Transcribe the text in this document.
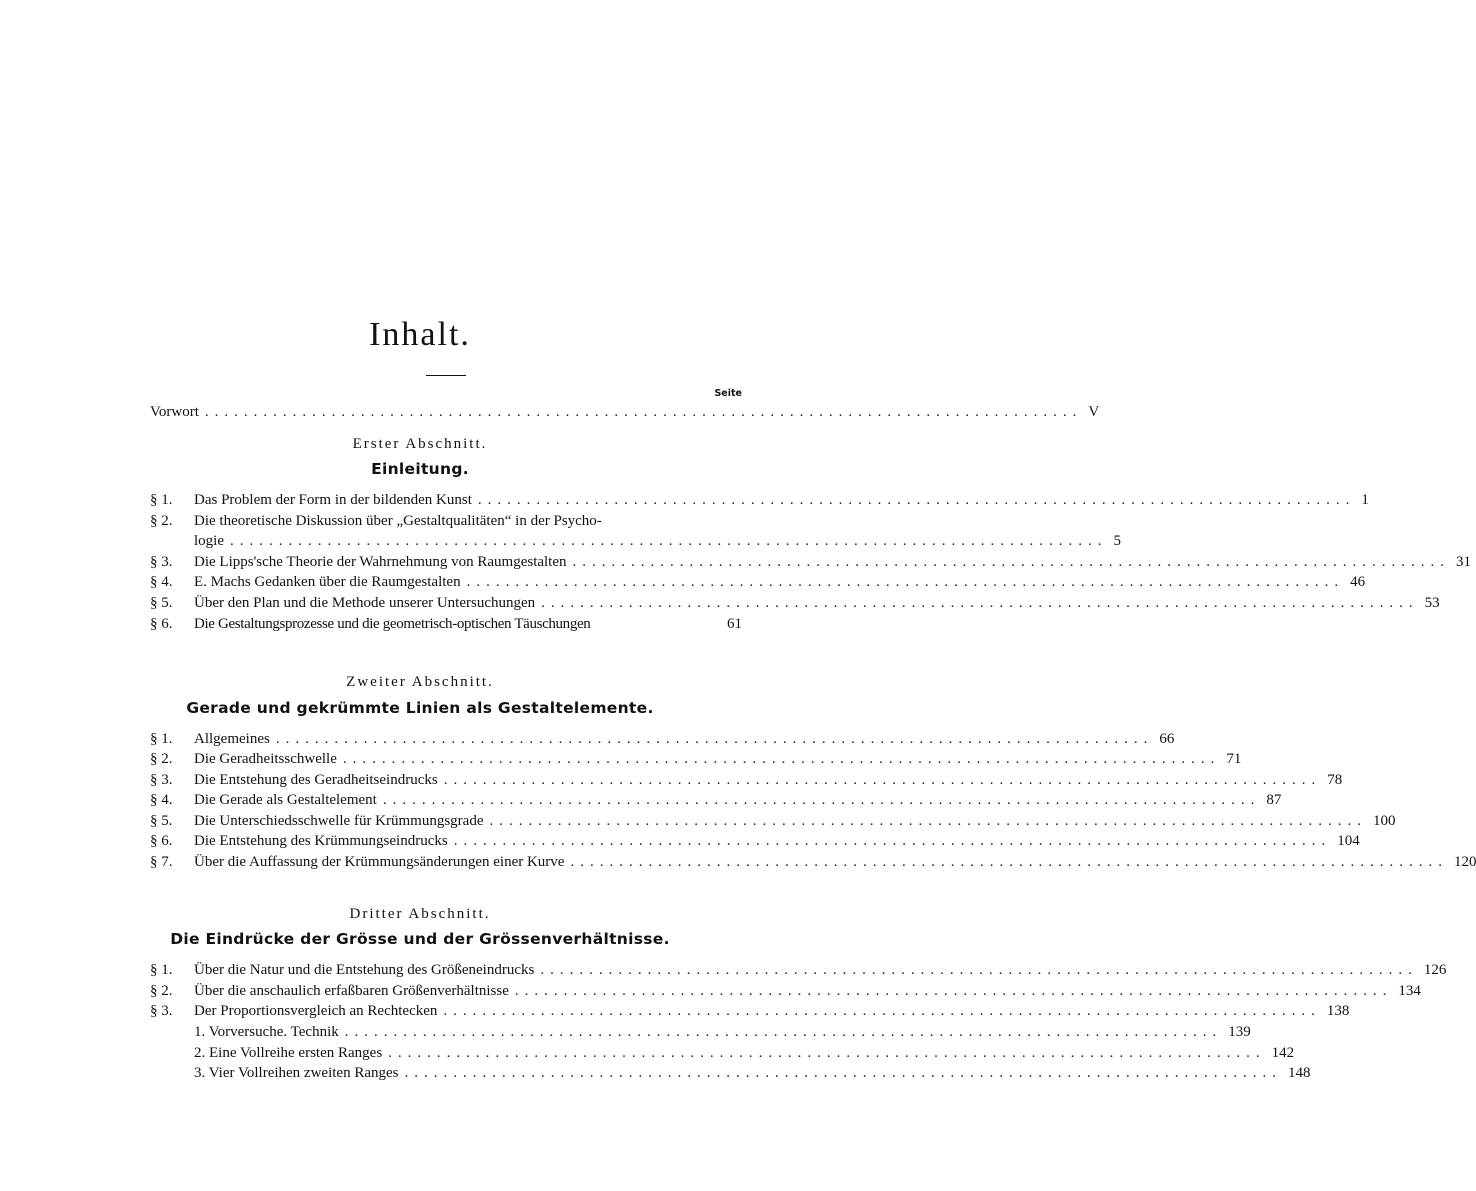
Inhalt.
Seite
Vorwort .......................................................................................... V
Erster Abschnitt.
Einleitung.
§ 1.	Das Problem der Form in der bildenden Kunst .......................................................................................... 1
§ 2.	Die theoretische Diskussion über „Gestaltqualitäten“ in der Psycho-
logie .......................................................................................... 5
§ 3.	Die Lipps'sche Theorie der Wahrnehmung von Raumgestalten .......................................................................................... 31
§ 4.	E. Machs Gedanken über die Raumgestalten .......................................................................................... 46
§ 5.	Über den Plan und die Methode unserer Untersuchungen .......................................................................................... 53
§ 6.	Die Gestaltungsprozesse und die geometrisch-optischen Täuschungen	61
Zweiter Abschnitt.
Gerade und gekrümmte Linien als Gestaltelemente.
§ 1.	Allgemeines .......................................................................................... 66
§ 2.	Die Geradheitsschwelle .......................................................................................... 71
§ 3.	Die Entstehung des Geradheitseindrucks .......................................................................................... 78
§ 4.	Die Gerade als Gestaltelement .......................................................................................... 87
§ 5.	Die Unterschiedsschwelle für Krümmungsgrade .......................................................................................... 100
§ 6.	Die Entstehung des Krümmungseindrucks .......................................................................................... 104
§ 7.	Über die Auffassung der Krümmungsänderungen einer Kurve .......................................................................................... 120
Dritter Abschnitt.
Die Eindrücke der Grösse und der Grössenverhältnisse.
§ 1.	Über die Natur und die Entstehung des Größeneindrucks .......................................................................................... 126
§ 2.	Über die anschaulich erfaßbaren Größenverhältnisse .......................................................................................... 134
§ 3.	Der Proportionsvergleich an Rechtecken .......................................................................................... 138
1. Vorversuche. Technik .......................................................................................... 139
2. Eine Vollreihe ersten Ranges .......................................................................................... 142
3. Vier Vollreihen zweiten Ranges .......................................................................................... 148
